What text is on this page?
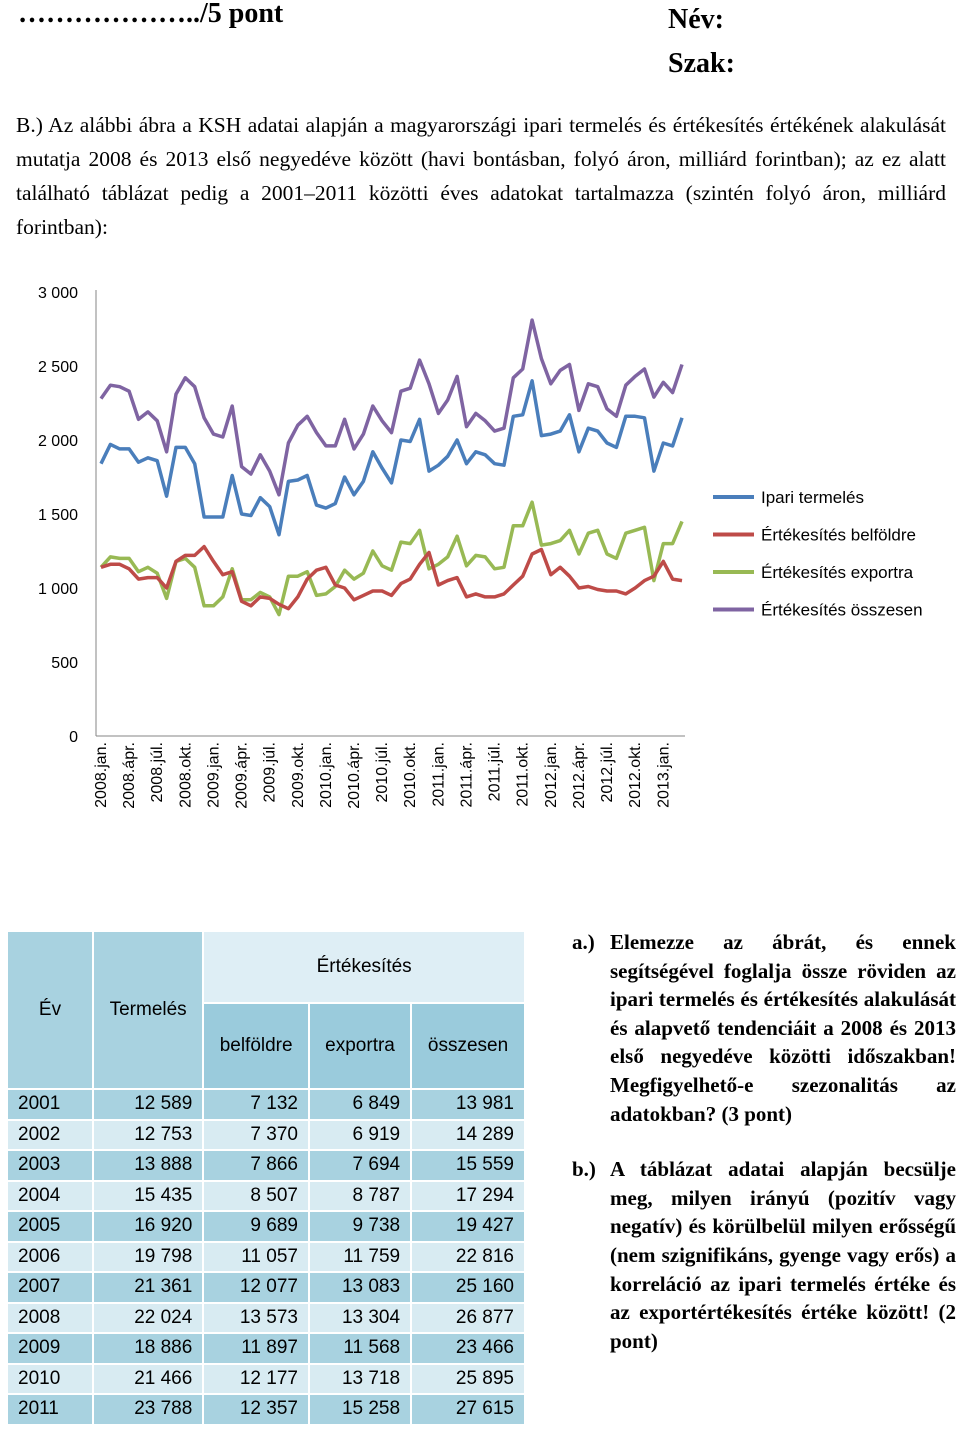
………………../5 pont	Név:
Szak:
B.) Az alábbi ábra a KSH adatai alapján a magyarországi ipari termelés és értékesítés értékének alakulását mutatja 2008 és 2013 első negyedéve között (havi bontásban, folyó áron, milliárd forintban); az ez alatt található táblázat pedig a 2001–2011 közötti éves adatokat tartalmazza (szintén folyó áron, milliárd forintban):
3 000
2 500
2 000
1 500
1 000
500
0
2008.jan. 2008.ápr. 2008.júl. 2008.okt. 2009.jan. 2009.ápr. 2009.júl. 2009.okt. 2010.jan. 2010.ápr. 2010.júl. 2010.okt. 2011.jan. 2011.ápr. 2011.júl. 2011.okt. 2012.jan. 2012.ápr. 2012.júl. 2012.okt. 2013.jan.
Ipari termelés
Értékesítés belföldre
Értékesítés exportra
Értékesítés összesen
Év	Termelés	Értékesítés		
		belföldre	exportra	összesen
2001	12 589	7 132	6 849	13 981
2002	12 753	7 370	6 919	14 289
2003	13 888	7 866	7 694	15 559
2004	15 435	8 507	8 787	17 294
2005	16 920	9 689	9 738	19 427
2006	19 798	11 057	11 759	22 816
2007	21 361	12 077	13 083	25 160
2008	22 024	13 573	13 304	26 877
2009	18 886	11 897	11 568	23 466
2010	21 466	12 177	13 718	25 895
2011	23 788	12 357	15 258	27 615
a.) Elemezze az ábrát, és ennek segítségével foglalja össze röviden az ipari termelés és értékesítés alakulását és alapvető tendenciáit a 2008 és 2013 első negyedéve közötti időszakban! Megfigyelhető-e szezonalitás az adatokban? (3 pont)
b.) A táblázat adatai alapján becsülje meg, milyen irányú (pozitív vagy negatív) és körülbelül milyen erősségű (nem szignifikáns, gyenge vagy erős) a korreláció az ipari termelés értéke és az exportértékesítés értéke között! (2 pont)
